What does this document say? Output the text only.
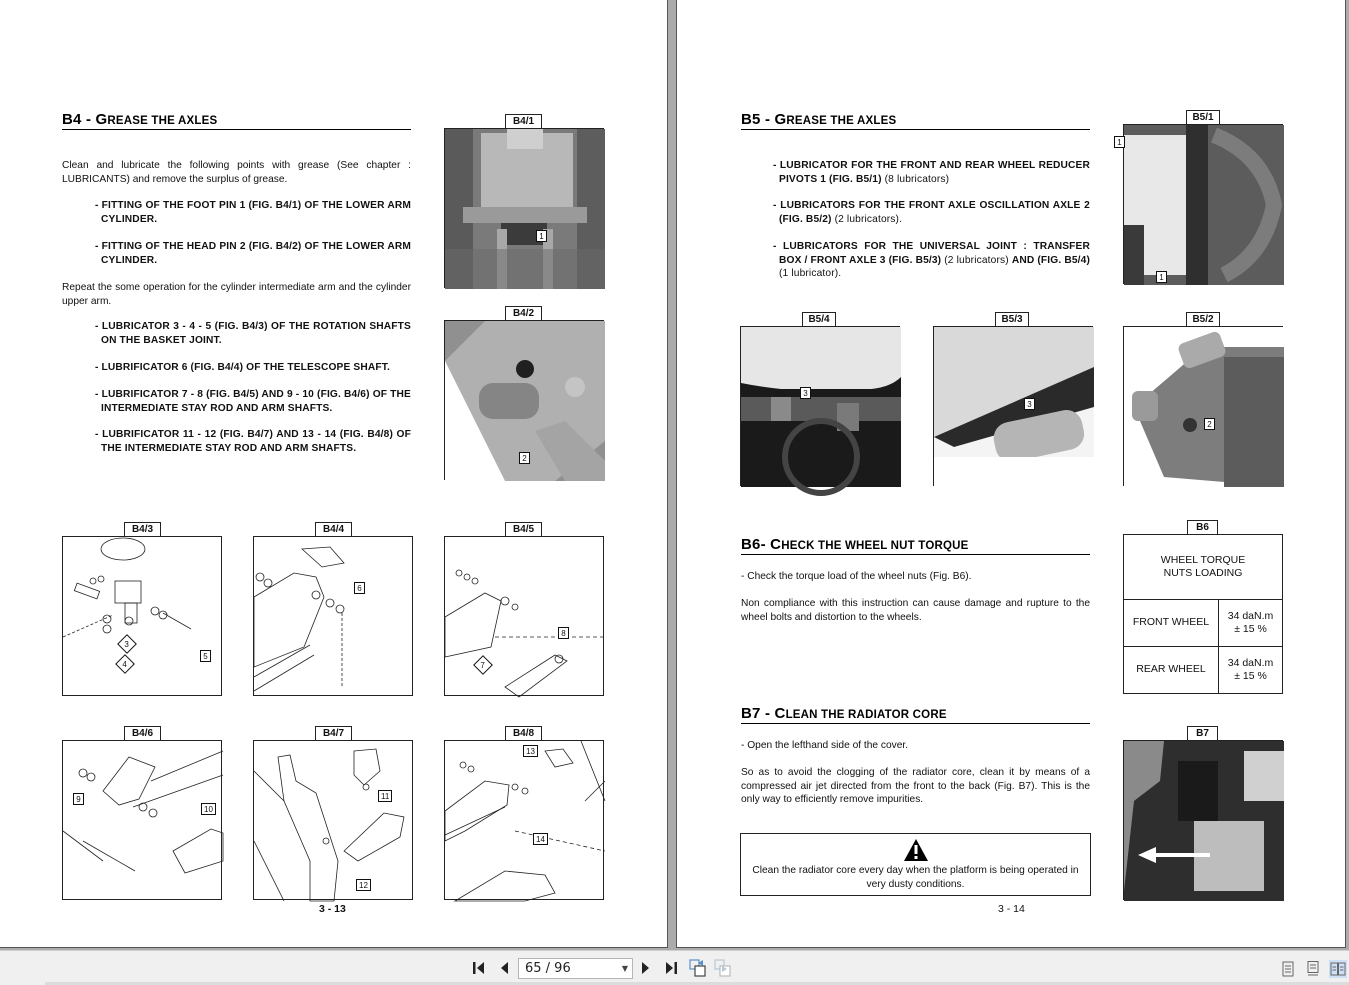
B4 - GREASE THE AXLES
Clean and lubricate the following points with grease (See chapter : LUBRICANTS) and remove the surplus of grease.
- FITTING OF THE FOOT PIN 1 (FIG. B4/1) OF THE LOWER ARM CYLINDER.
- FITTING OF THE HEAD PIN 2 (FIG. B4/2) OF THE LOWER ARM CYLINDER.
Repeat the some operation for the cylinder intermediate arm and the cylinder upper arm.
- LUBRICATOR 3 - 4 - 5 (FIG. B4/3) OF THE ROTATION SHAFTS ON THE BASKET JOINT.
- LUBRIFICATOR 6 (FIG. B4/4) OF THE TELESCOPE SHAFT.
- LUBRIFICATOR 7 - 8 (FIG. B4/5) AND 9 - 10 (FIG. B4/6) OF THE INTERMEDIATE STAY ROD AND ARM SHAFTS.
- LUBRIFICATOR 11 - 12 (FIG. B4/7) AND 13 - 14 (FIG. B4/8) OF THE INTERMEDIATE STAY ROD AND ARM SHAFTS.
B4/1
1
B4/2
2
B4/3
3
4
5
B4/4
6
B4/5
7
8
B4/6
9
10
B4/7
11
12
B4/8
13
14
3 - 13
B5 - GREASE THE AXLES
- LUBRICATOR FOR THE FRONT AND REAR WHEEL REDUCER PIVOTS 1 (FIG. B5/1) (8 lubricators)
- LUBRICATORS FOR THE FRONT AXLE OSCILLATION AXLE 2 (FIG. B5/2) (2 lubricators).
- LUBRICATORS FOR THE UNIVERSAL JOINT : TRANSFER BOX / FRONT AXLE 3 (FIG. B5/3) (2 lubricators) AND (FIG. B5/4) (1 lubricator).
B5/1
1
1
B5/4
3
B5/3
3
B5/2
2
B6- CHECK THE WHEEL NUT TORQUE
- Check the torque load of the wheel nuts (Fig. B6).
Non compliance with this instruction can cause damage and rupture to the wheel bolts and distortion to the wheels.
B6
WHEEL TORQUE
NUTS LOADING	

FRONT WHEEL	34 daN.m
± 15 %

REAR WHEEL	34 daN.m
± 15 %
B7 - CLEAN THE RADIATOR CORE
- Open the lefthand side of the cover.
So as to avoid the clogging of the radiator core, clean it by means of a compressed air jet directed from the front to the back (Fig. B7). This is the only way to efficiently remove impurities.
Clean the radiator core every day when the platform is being operated in very dusty conditions.
B7
3 - 14
65 / 96	▼
